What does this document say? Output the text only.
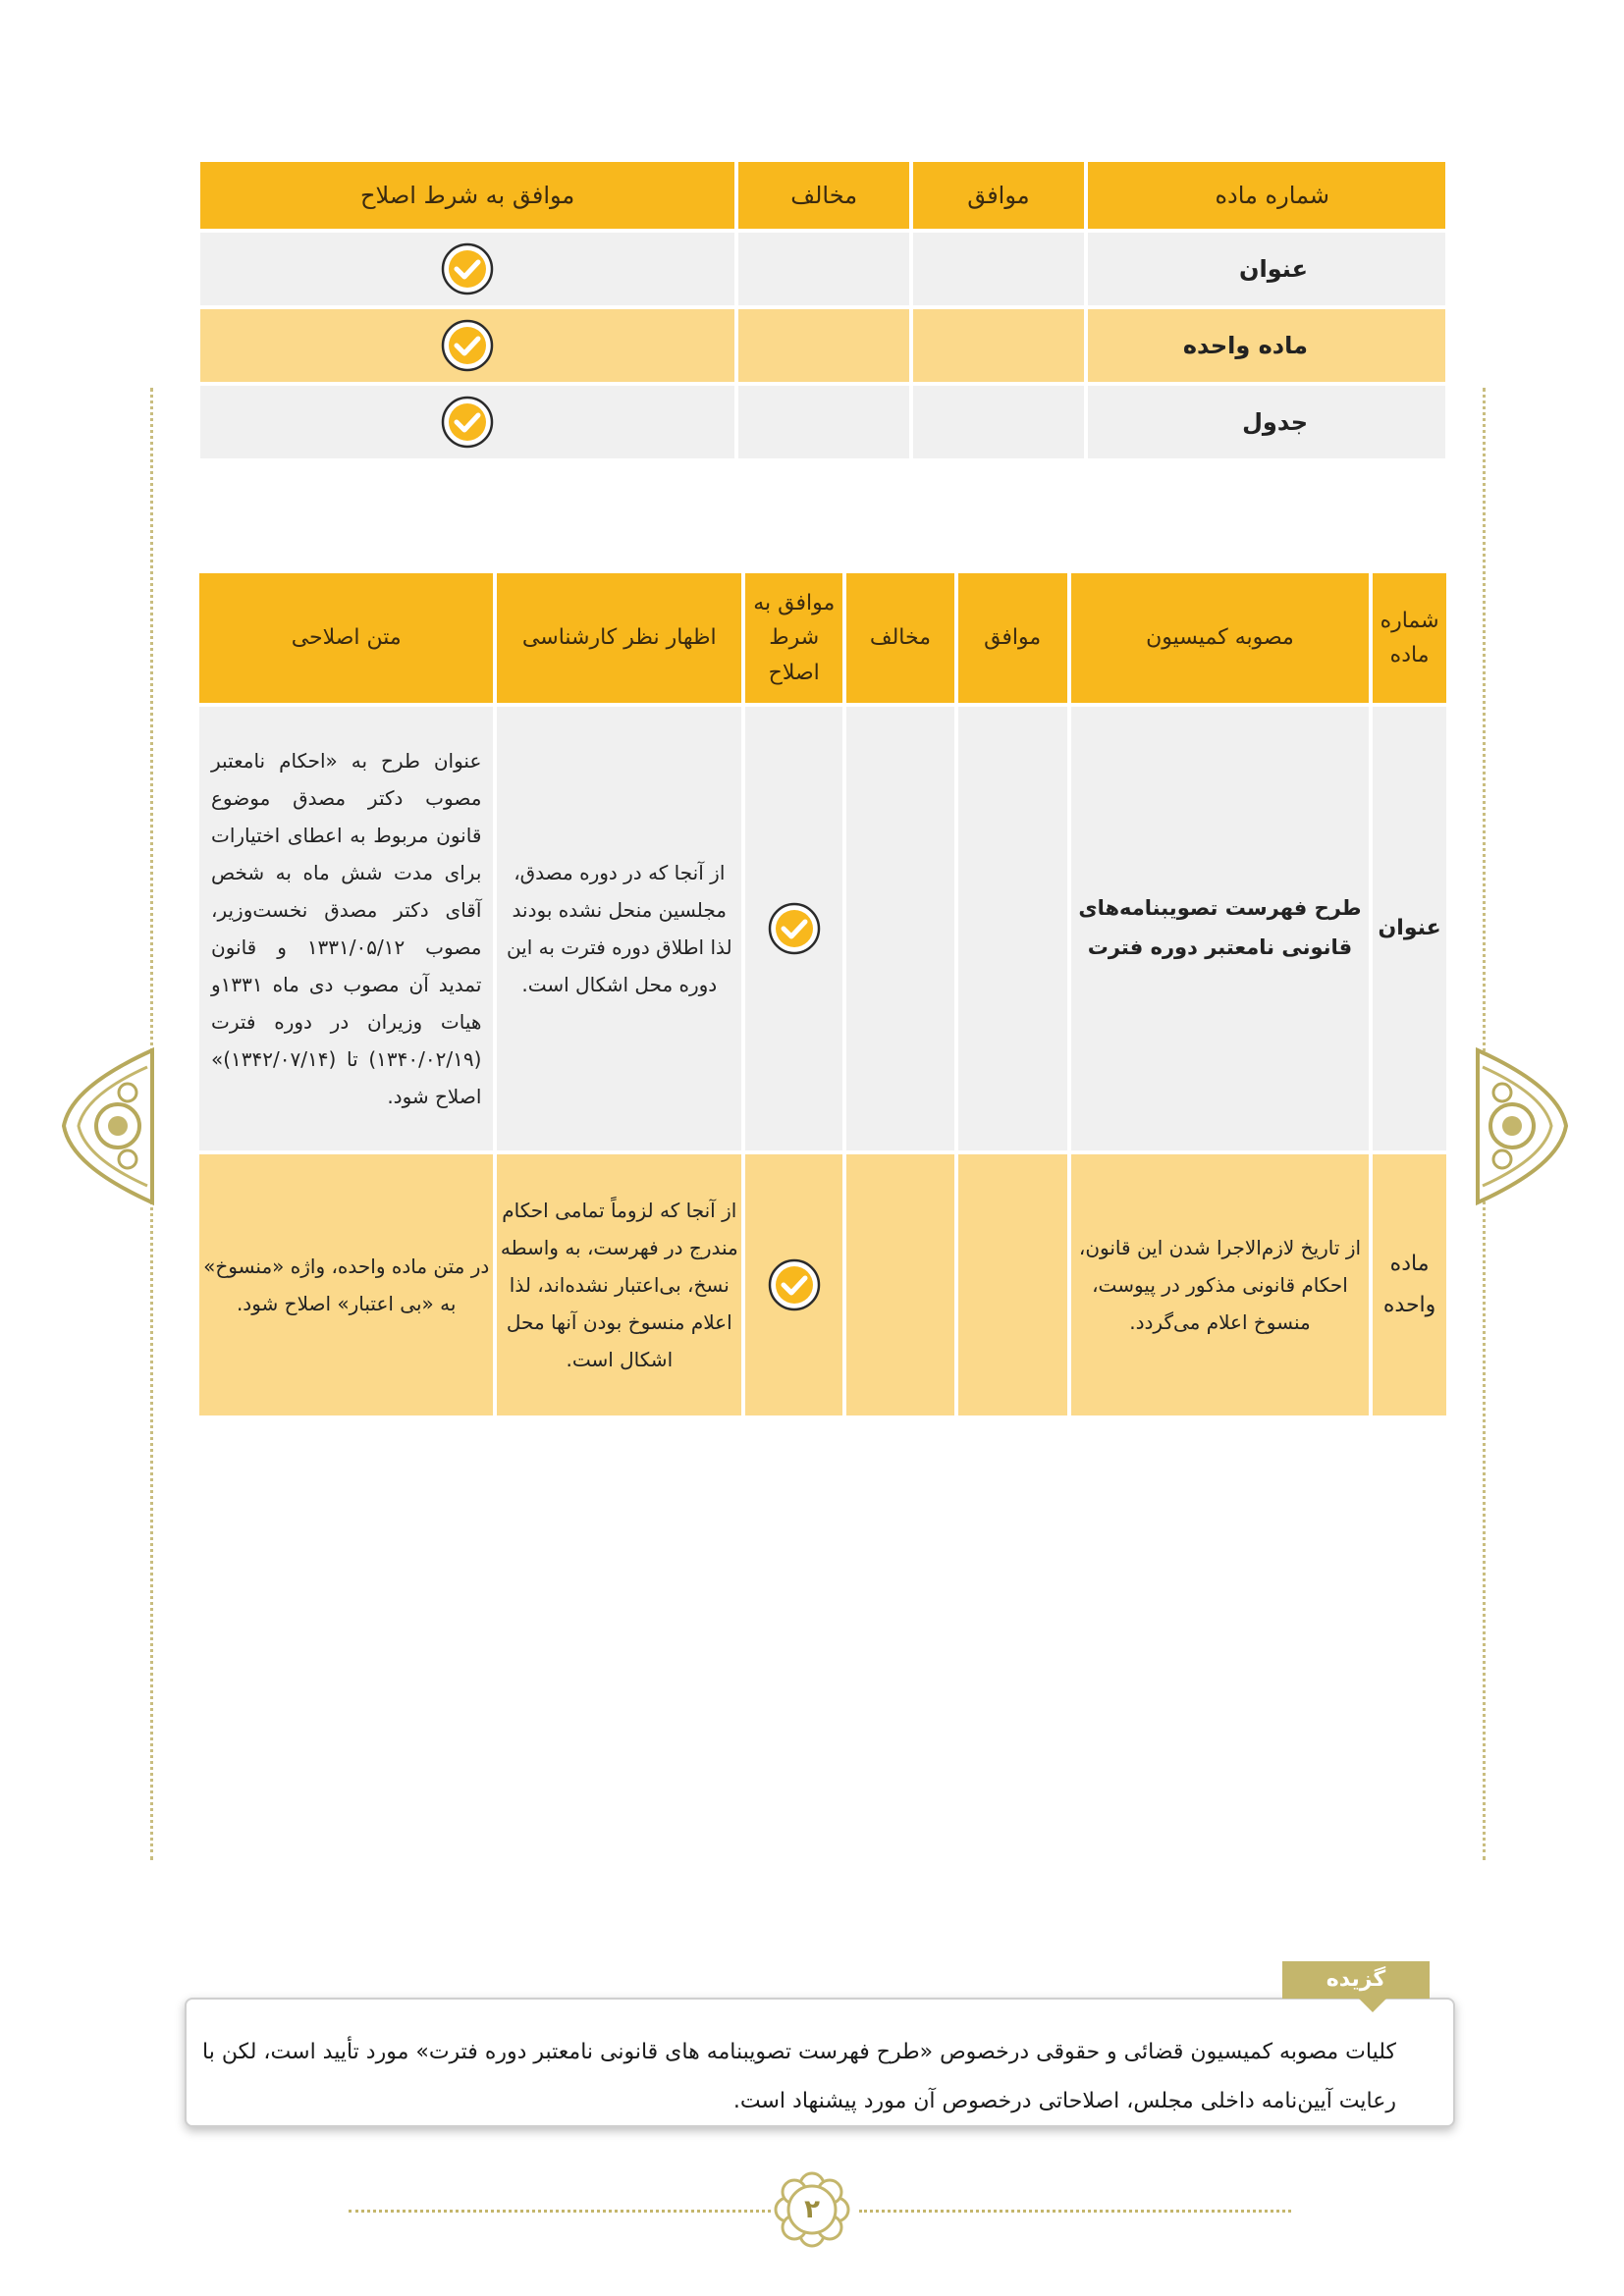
شماره ماده	موافق	مخالف	موافق به شرط اصلاح
عنوان			
ماده واحده			
جدول			
شماره ماده	مصوبه کمیسیون	موافق	مخالف	موافق به شرط اصلاح	اظهار نظر کارشناسی	متن اصلاحی
عنوان	طرح فهرست تصویبنامه‌های قانونی نامعتبر دوره فترت				از آنجا که در دوره مصدق، مجلسین منحل نشده بودند لذا اطلاق دوره فترت به این دوره محل اشکال است.	عنوان طرح به «احکام نامعتبر مصوب دکتر مصدق موضوع قانون مربوط به اعطای اختیارات برای مدت شش ماه به شخص آقای دکتر مصدق نخست‌وزیر، مصوب ۱۳۳۱/۰۵/۱۲ و قانون تمدید آن مصوب دی ماه ۱۳۳۱و هیات وزیران در دوره فترت (۱۳۴۰/۰۲/۱۹) تا (۱۳۴۲/۰۷/۱۴)» اصلاح شود.
ماده واحده	از تاریخ لازم‌الاجرا شدن این قانون، احکام قانونی مذکور در پیوست، منسوخ اعلام می‌گردد.				از آنجا که لزوماً تمامی احکام مندرج در فهرست، به واسطه نسخ، بی‌اعتبار نشده‌اند، لذا اعلام منسوخ بودن آنها محل اشکال است.	در متن ماده واحده، واژه «منسوخ» به «بی اعتبار» اصلاح شود.
گزیده سیاستی
کلیات مصوبه کمیسیون قضائی و حقوقی درخصوص «طرح فهرست تصویبنامه های قانونی نامعتبر دوره فترت» مورد تأیید است، لکن با رعایت آیین‌نامه داخلی مجلس، اصلاحاتی درخصوص آن مورد پیشنهاد است.
۲
